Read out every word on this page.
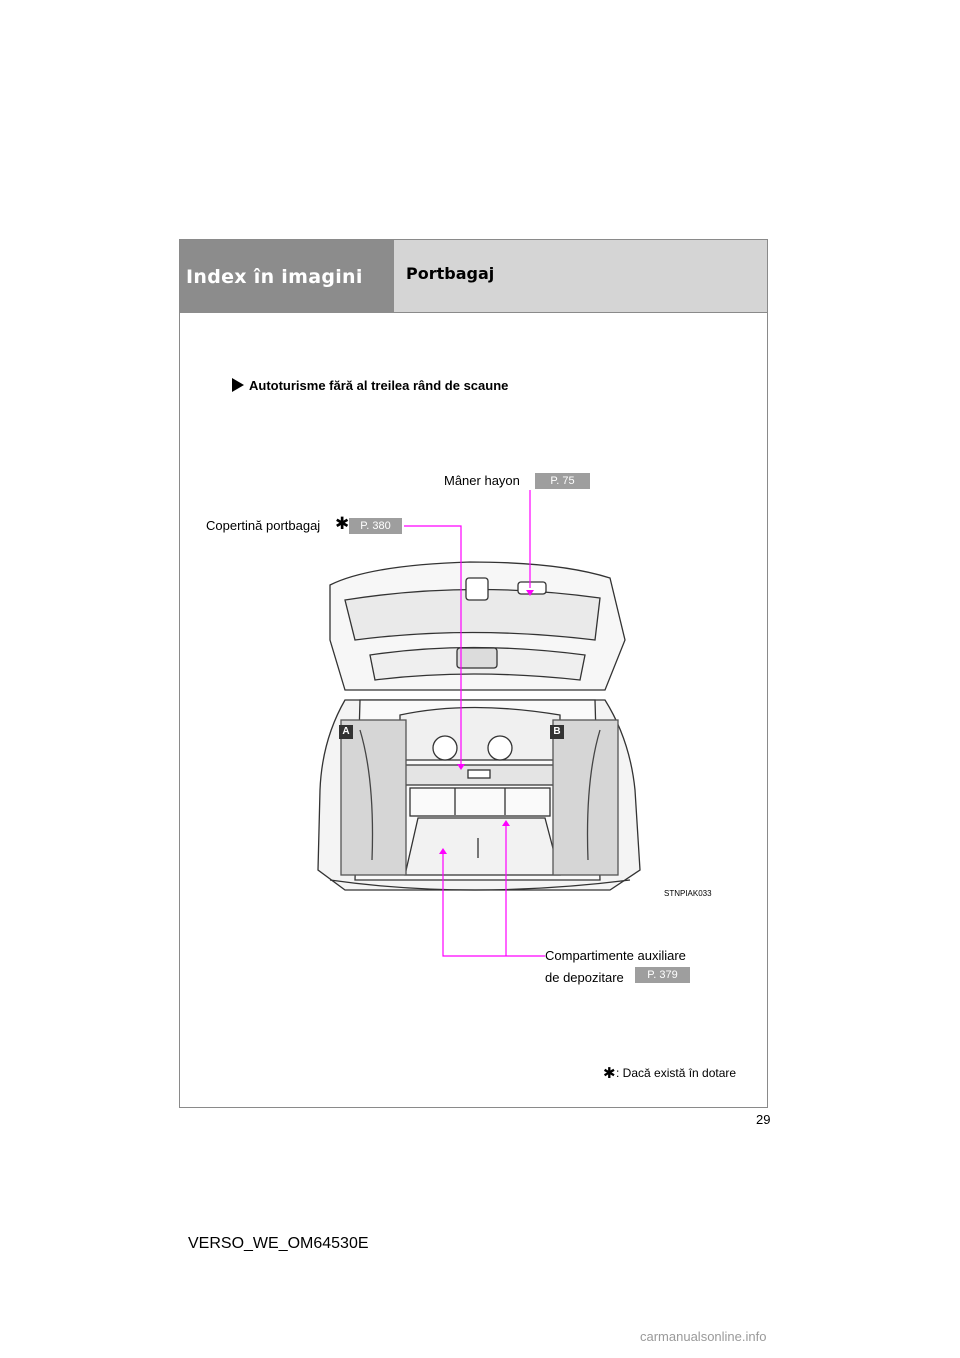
Index în imagini	Portbagaj
Autoturisme fără al treilea rând de scaune
Mâner hayon	P. 75
Copertină portbagaj ✱	P. 380
Compartimente auxiliare
de depozitare	P. 379
A	B
STNPIAK033
✱ : Dacă există în dotare
29
VERSO_WE_OM64530E
carmanualsonline.info
